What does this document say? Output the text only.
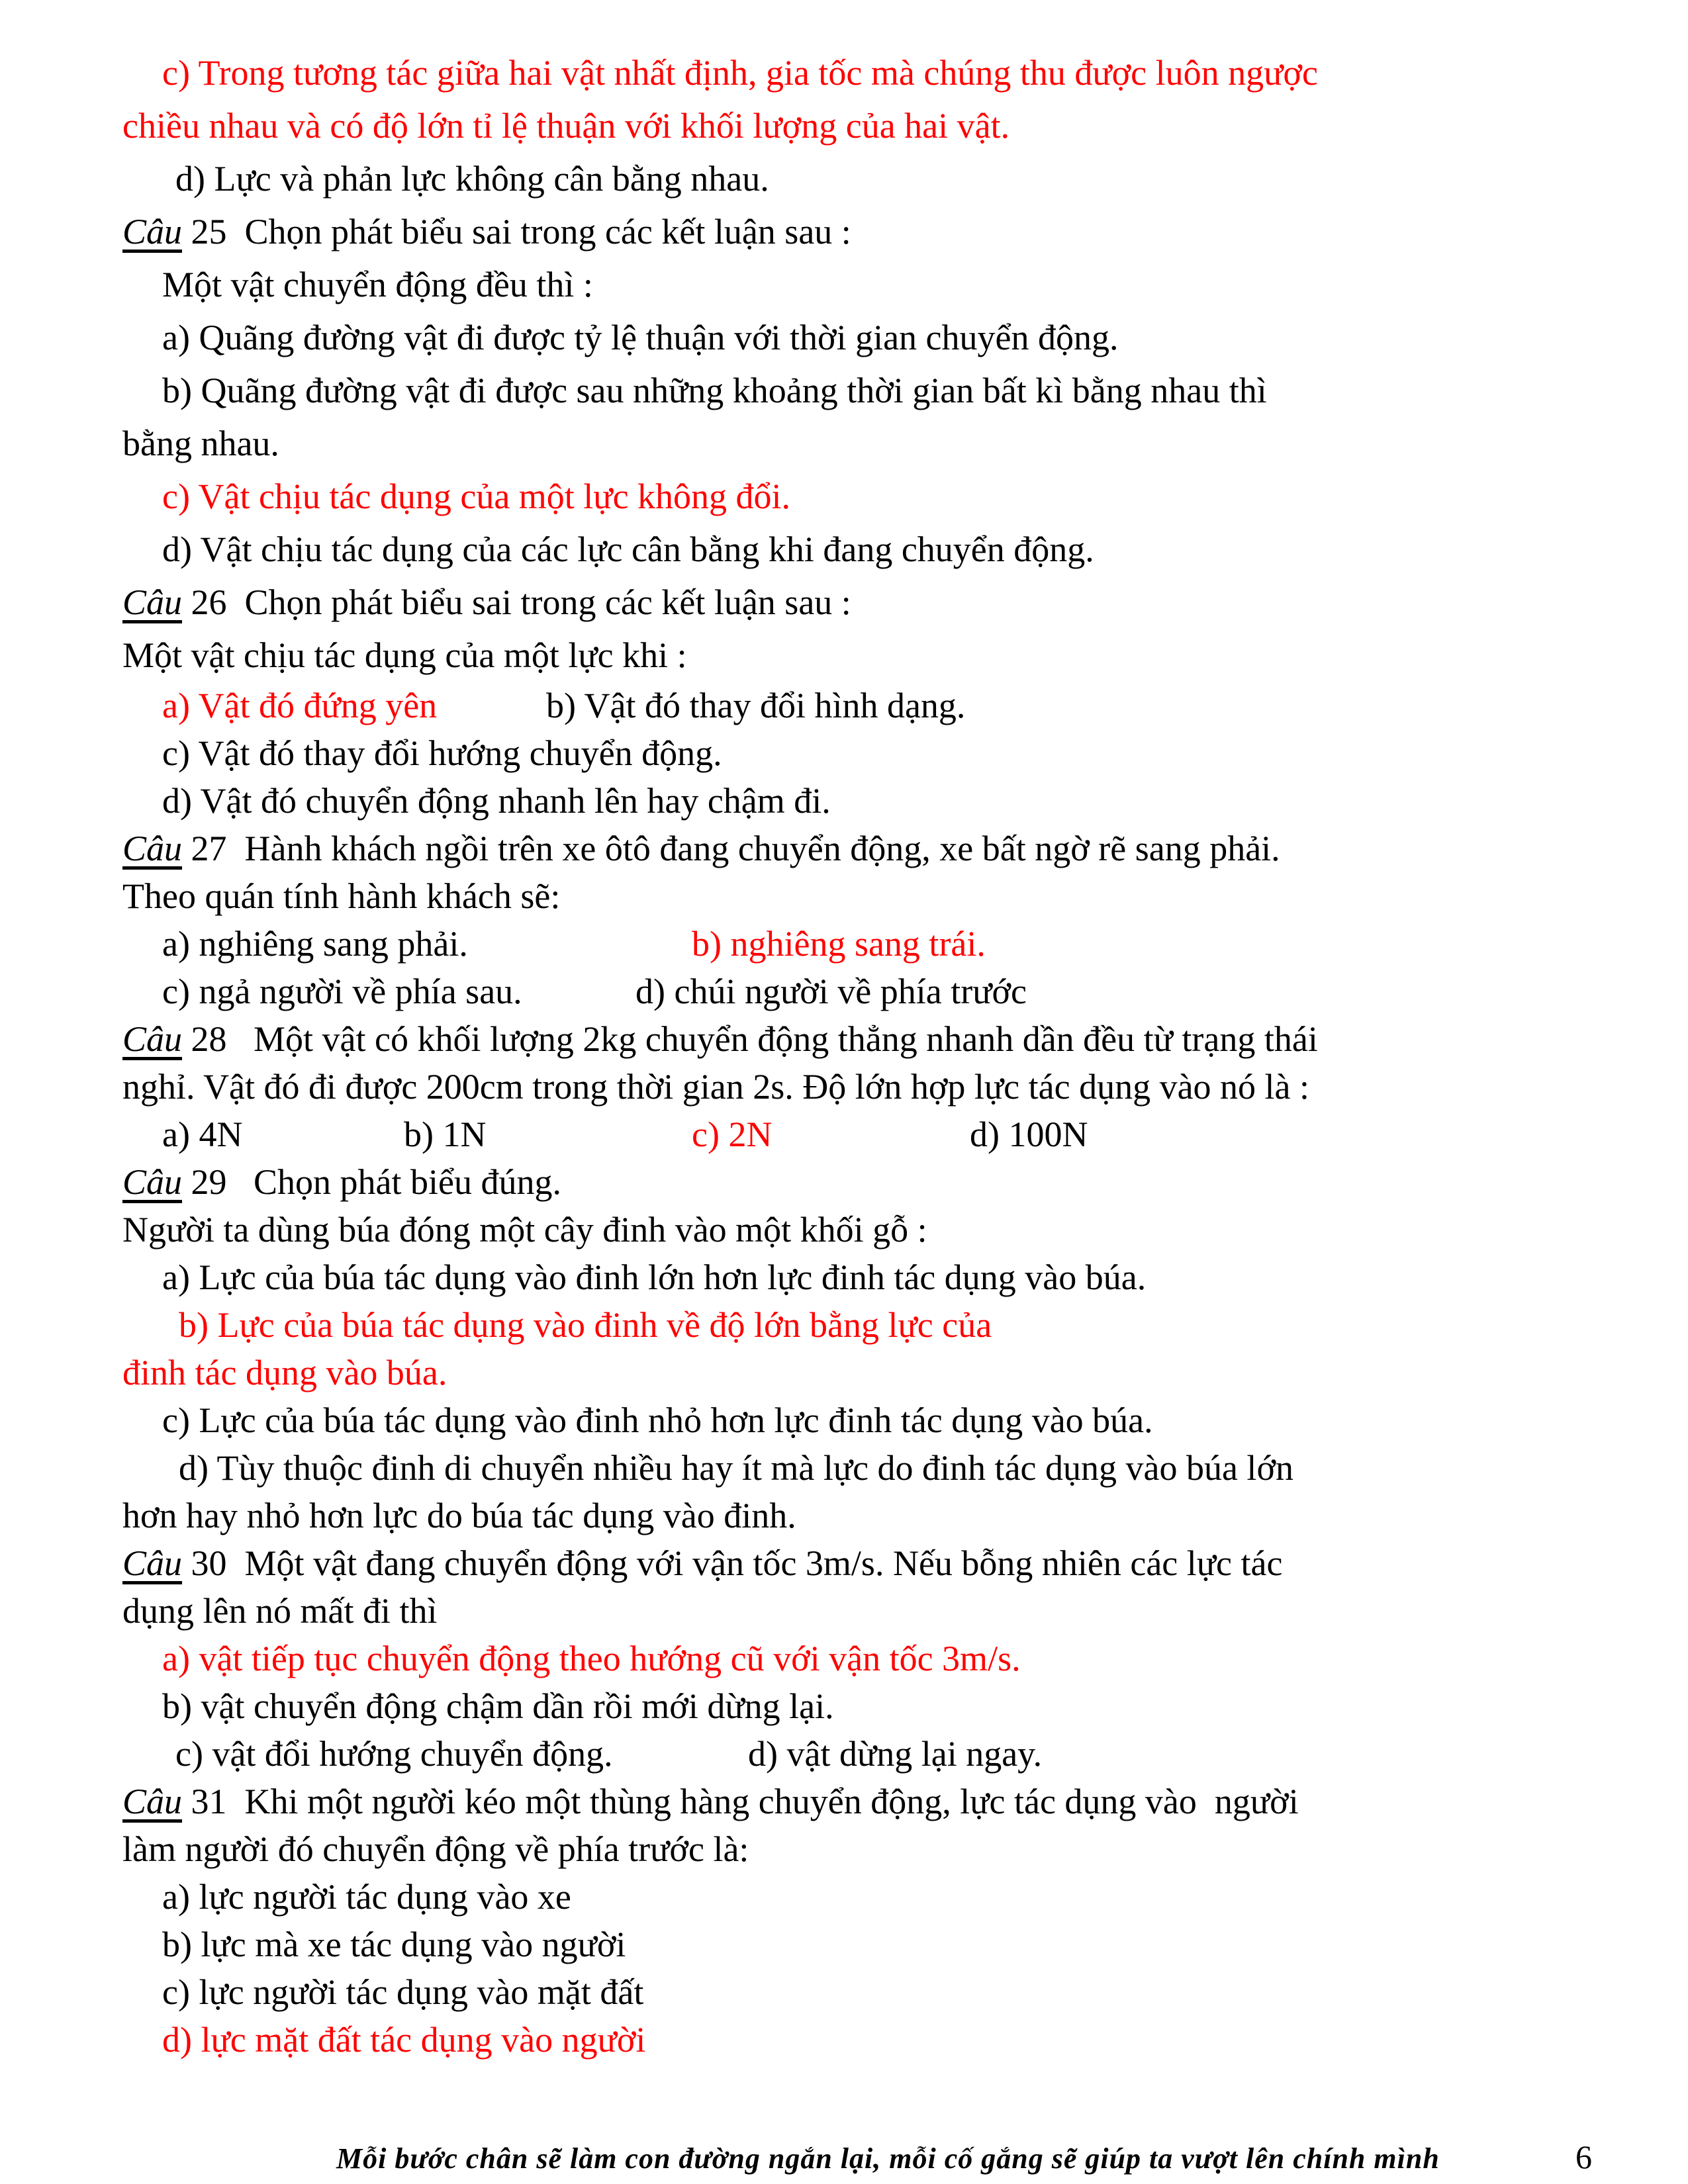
c) Trong tương tác giữa hai vật nhất định, gia tốc mà chúng thu được luôn ngược
chiều nhau và có độ lớn tỉ lệ thuận với khối lượng của hai vật.
d) Lực và phản lực không cân bằng nhau.
Câu 25  Chọn phát biểu sai trong các kết luận sau :
Một vật chuyển động đều thì :
a) Quãng đường vật đi được tỷ lệ thuận với thời gian chuyển động.
b) Quãng đường vật đi được sau những khoảng thời gian bất kì bằng nhau thì
bằng nhau.
c) Vật chịu tác dụng của một lực không đổi.
d) Vật chịu tác dụng của các lực cân bằng khi đang chuyển động.
Câu 26  Chọn phát biểu sai trong các kết luận sau :
Một vật chịu tác dụng của một lực khi :
a) Vật đó đứng yên	b) Vật đó thay đổi hình dạng.
c) Vật đó thay đổi hướng chuyển động.
d) Vật đó chuyển động nhanh lên hay chậm đi.
Câu 27  Hành khách ngồi trên xe ôtô đang chuyển động, xe bất ngờ rẽ sang phải.
Theo quán tính hành khách sẽ:
a) nghiêng sang phải.	b) nghiêng sang trái.
c) ngả người về phía sau.	d) chúi người về phía trước
Câu 28   Một vật có khối lượng 2kg chuyển động thẳng nhanh dần đều từ trạng thái
nghỉ. Vật đó đi được 200cm trong thời gian 2s. Độ lớn hợp lực tác dụng vào nó là :
a) 4N	b) 1N	c) 2N	d) 100N
Câu 29   Chọn phát biểu đúng.
Người ta dùng búa đóng một cây đinh vào một khối gỗ :
a) Lực của búa tác dụng vào đinh lớn hơn lực đinh tác dụng vào búa.
b) Lực của búa tác dụng vào đinh về độ lớn bằng lực của
đinh tác dụng vào búa.
c) Lực của búa tác dụng vào đinh nhỏ hơn lực đinh tác dụng vào búa.
d) Tùy thuộc đinh di chuyển nhiều hay ít mà lực do đinh tác dụng vào búa lớn
hơn hay nhỏ hơn lực do búa tác dụng vào đinh.
Câu 30  Một vật đang chuyển động với vận tốc 3m/s. Nếu bỗng nhiên các lực tác
dụng lên nó mất đi thì
a) vật tiếp tục chuyển động theo hướng cũ với vận tốc 3m/s.
b) vật chuyển động chậm dần rồi mới dừng lại.
c) vật đổi hướng chuyển động.	d) vật dừng lại ngay.
Câu 31  Khi một người kéo một thùng hàng chuyển động, lực tác dụng vào  người
làm người đó chuyển động về phía trước là:
a) lực người tác dụng vào xe
b) lực mà xe tác dụng vào người
c) lực người tác dụng vào mặt đất
d) lực mặt đất tác dụng vào người
Mỗi bước chân sẽ làm con đường ngắn lại, mỗi cố gắng sẽ giúp ta vượt lên chính mình	6
